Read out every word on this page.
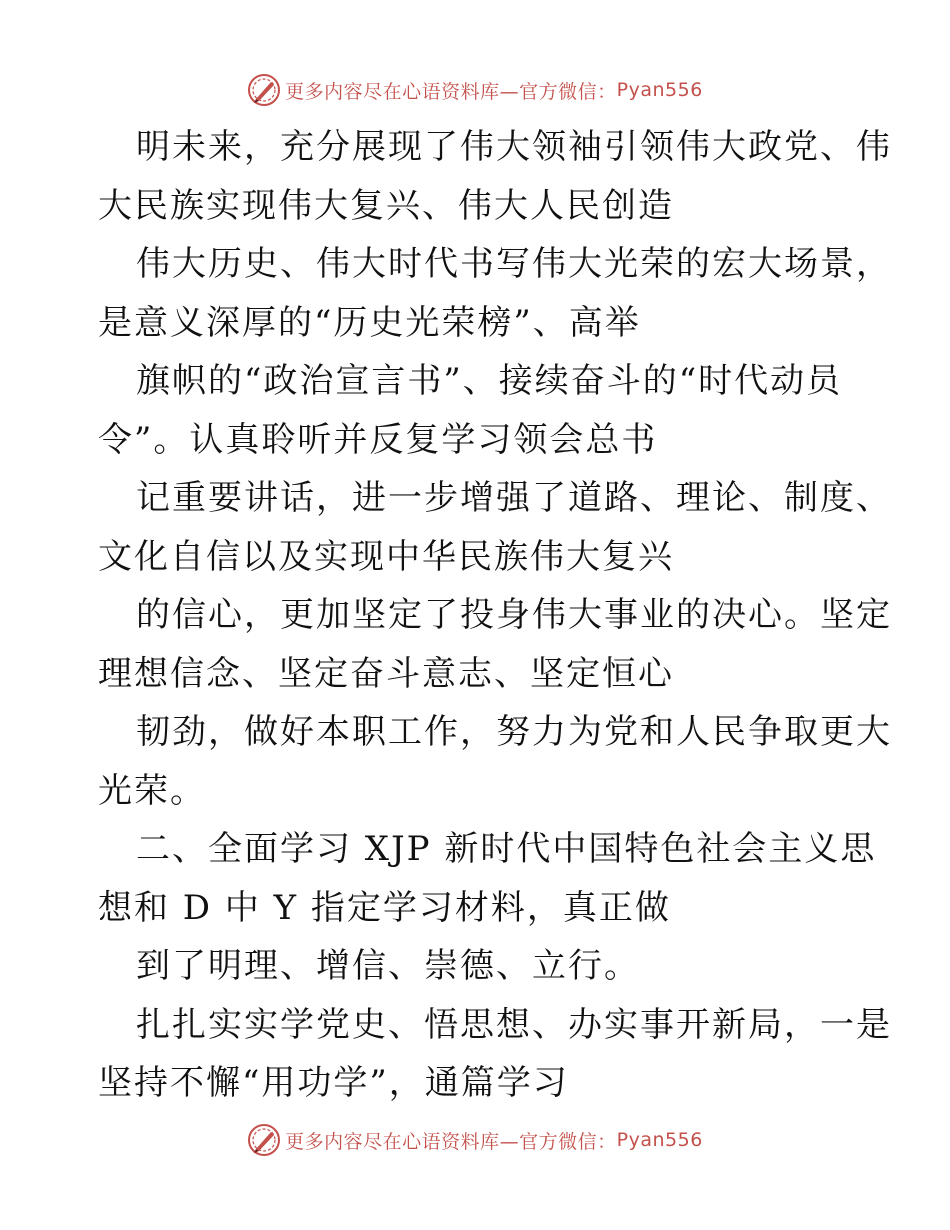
更多内容尽在心语资料库—官方微信： Pyan556
明未来，充分展现了伟大领袖引领伟大政党、伟
大民族实现伟大复兴、伟大人民创造
伟大历史、伟大时代书写伟大光荣的宏大场景，
是意义深厚的“历史光荣榜”、高举
旗帜的“政治宣言书”、接续奋斗的“时代动员
令”。认真聆听并反复学习领会总书
记重要讲话，进一步增强了道路、理论、制度、
文化自信以及实现中华民族伟大复兴
的信心，更加坚定了投身伟大事业的决心。坚定
理想信念、坚定奋斗意志、坚定恒心
韧劲，做好本职工作，努力为党和人民争取更大
光荣。
二、全面学习 XJP 新时代中国特色社会主义思
想和 D 中 Y 指定学习材料，真正做
到了明理、增信、崇德、立行。
扎扎实实学党史、悟思想、办实事开新局，一是
坚持不懈“用功学”，通篇学习
更多内容尽在心语资料库—官方微信： Pyan556
